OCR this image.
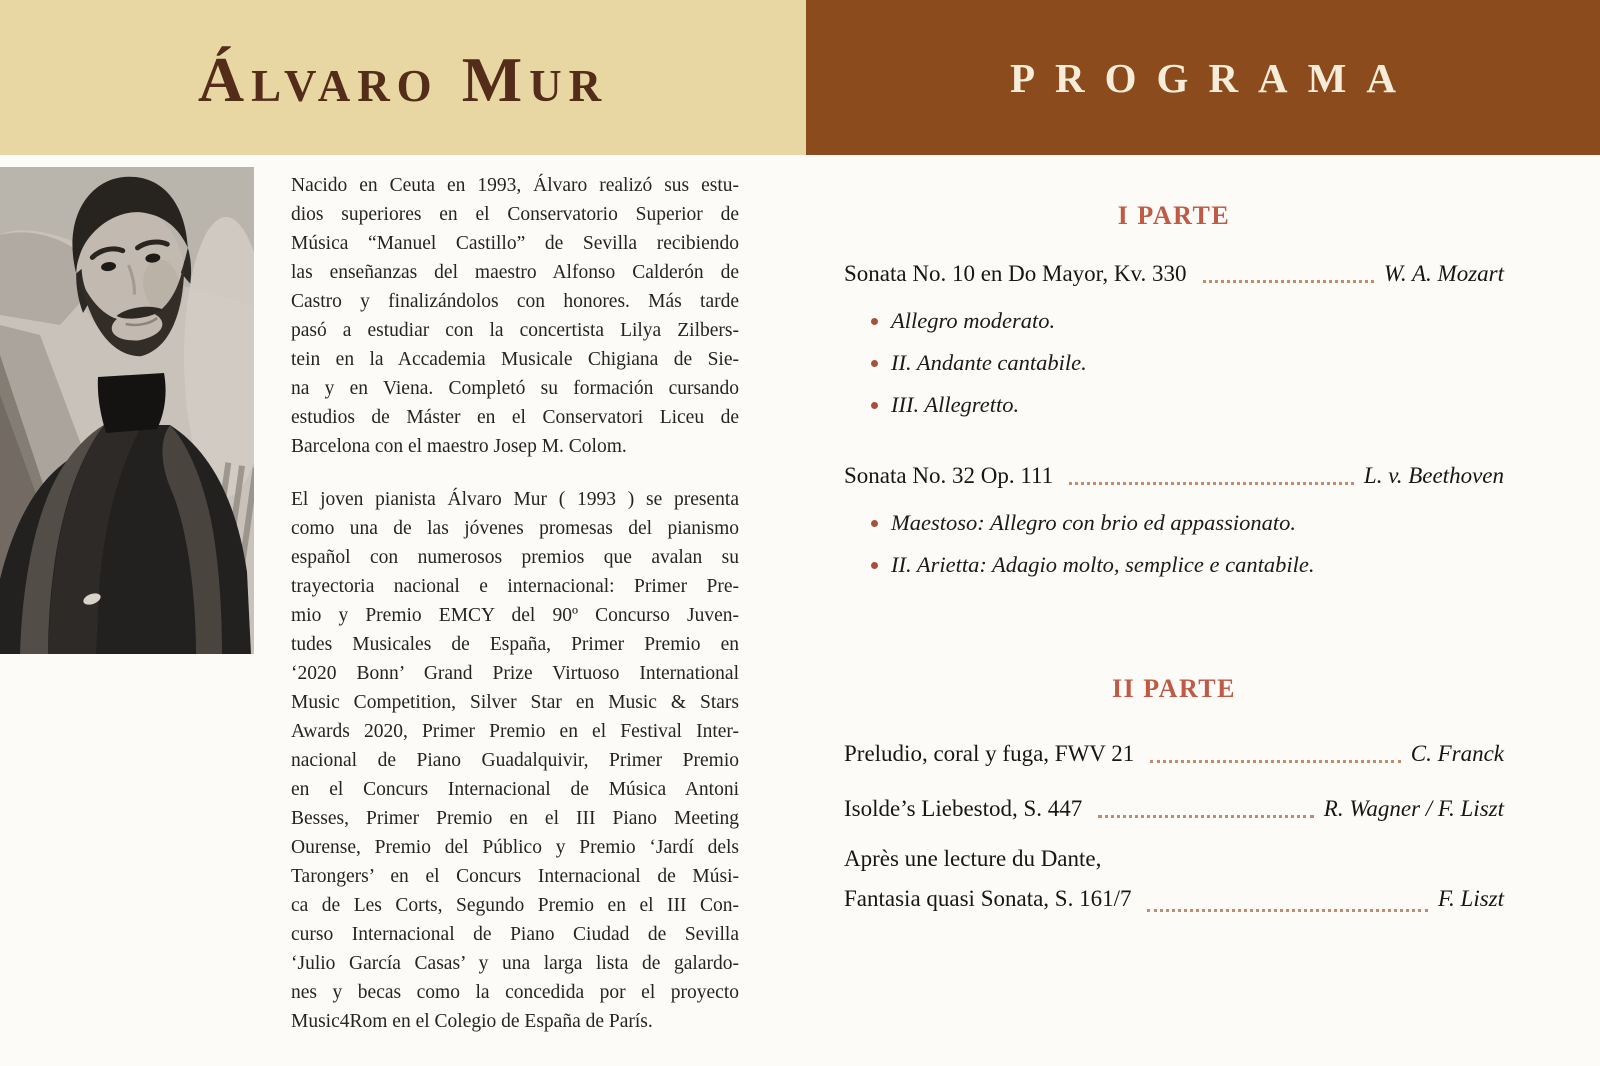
Álvaro Mur	PROGRAMA
Nacido en Ceuta en 1993, Álvaro realizó sus estu-
dios superiores en el Conservatorio Superior de
Música “Manuel Castillo” de Sevilla recibiendo
las enseñanzas del maestro Alfonso Calderón de
Castro y finalizándolos con honores. Más tarde
pasó a estudiar con la concertista Lilya Zilbers-
tein en la Accademia Musicale Chigiana de Sie-
na y en Viena. Completó su formación cursando
estudios de Máster en el Conservatori Liceu de
Barcelona con el maestro Josep M. Colom.
El joven pianista Álvaro Mur ( 1993 ) se presenta
como una de las jóvenes promesas del pianismo
español con numerosos premios que avalan su
trayectoria nacional e internacional: Primer Pre-
mio y Premio EMCY del 90º Concurso Juven-
tudes Musicales de España, Primer Premio en
‘2020 Bonn’ Grand Prize Virtuoso International
Music Competition, Silver Star en Music & Stars
Awards 2020, Primer Premio en el Festival Inter-
nacional de Piano Guadalquivir, Primer Premio
en el Concurs Internacional de Música Antoni
Besses, Primer Premio en el III Piano Meeting
Ourense, Premio del Público y Premio ‘Jardí dels
Tarongers’ en el Concurs Internacional de Músi-
ca de Les Corts, Segundo Premio en el III Con-
curso Internacional de Piano Ciudad de Sevilla
‘Julio García Casas’ y una larga lista de galardo-
nes y becas como la concedida por el proyecto
Music4Rom en el Colegio de España de París.
I PARTE
Sonata No. 10 en Do Mayor, Kv. 330	W. A. Mozart
Allegro moderato.
II. Andante cantabile.
III. Allegretto.
Sonata No. 32 Op. 111	L. v. Beethoven
Maestoso: Allegro con brio ed appassionato.
II. Arietta: Adagio molto, semplice e cantabile.
II PARTE
Preludio, coral y fuga, FWV 21	C. Franck
Isolde’s Liebestod, S. 447	R. Wagner / F. Liszt
Après une lecture du Dante,
Fantasia quasi Sonata, S. 161/7	F. Liszt
